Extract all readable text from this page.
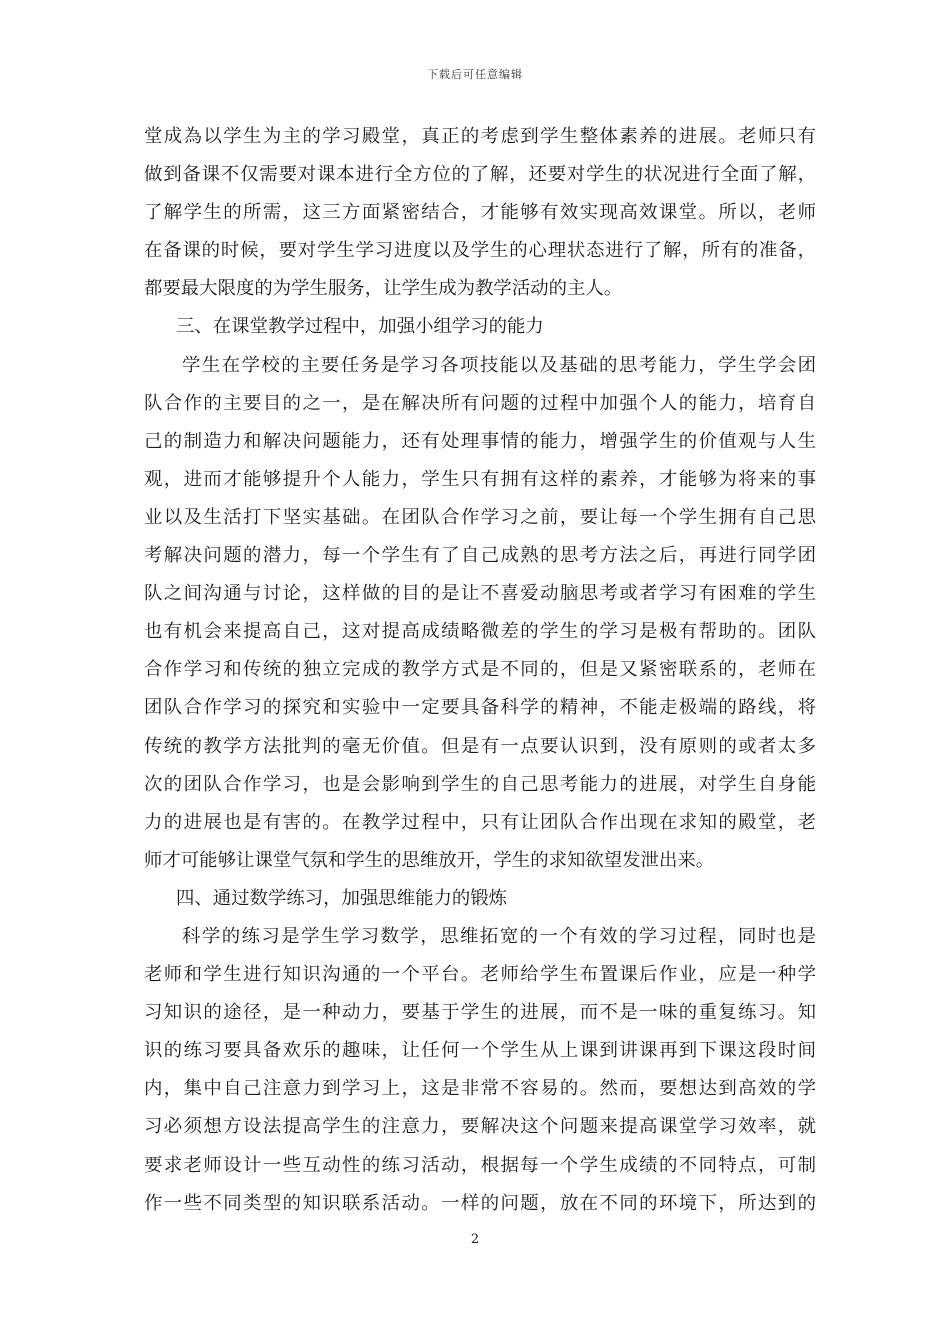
下载后可任意编辑
堂成為以学生为主的学习殿堂，真正的考虑到学生整体素养的进展。老师只有
做到备课不仅需要对课本进行全方位的了解，还要对学生的状况进行全面了解，
了解学生的所需，这三方面紧密结合，才能够有效实现高效课堂。所以，老师
在备课的时候，要对学生学习进度以及学生的心理状态进行了解，所有的准备，
都要最大限度的为学生服务，让学生成为教学活动的主人。
三、在课堂教学过程中，加强小组学习的能力
学生在学校的主要任务是学习各项技能以及基础的思考能力，学生学会团
队合作的主要目的之一，是在解决所有问题的过程中加强个人的能力，培育自
己的制造力和解决问题能力，还有处理事情的能力，增强学生的价值观与人生
观，进而才能够提升个人能力，学生只有拥有这样的素养，才能够为将来的事
业以及生活打下坚实基础。在团队合作学习之前，要让每一个学生拥有自己思
考解决问题的潜力，每一个学生有了自己成熟的思考方法之后，再进行同学团
队之间沟通与讨论，这样做的目的是让不喜爱动脑思考或者学习有困难的学生
也有机会来提高自己，这对提高成绩略微差的学生的学习是极有帮助的。团队
合作学习和传统的独立完成的教学方式是不同的，但是又紧密联系的，老师在
团队合作学习的探究和实验中一定要具备科学的精神，不能走极端的路线，将
传统的教学方法批判的毫无价值。但是有一点要认识到，没有原则的或者太多
次的团队合作学习，也是会影响到学生的自己思考能力的进展，对学生自身能
力的进展也是有害的。在教学过程中，只有让团队合作出现在求知的殿堂，老
师才可能够让课堂气氛和学生的思维放开，学生的求知欲望发泄出来。
四、通过数学练习，加强思维能力的锻炼
科学的练习是学生学习数学，思维拓宽的一个有效的学习过程，同时也是
老师和学生进行知识沟通的一个平台。老师给学生布置课后作业，应是一种学
习知识的途径，是一种动力，要基于学生的进展，而不是一味的重复练习。知
识的练习要具备欢乐的趣味，让任何一个学生从上课到讲课再到下课这段时间
内，集中自己注意力到学习上，这是非常不容易的。然而，要想达到高效的学
习必须想方设法提高学生的注意力，要解决这个问题来提高课堂学习效率，就
要求老师设计一些互动性的练习活动，根据每一个学生成绩的不同特点，可制
作一些不同类型的知识联系活动。一样的问题，放在不同的环境下，所达到的
2
